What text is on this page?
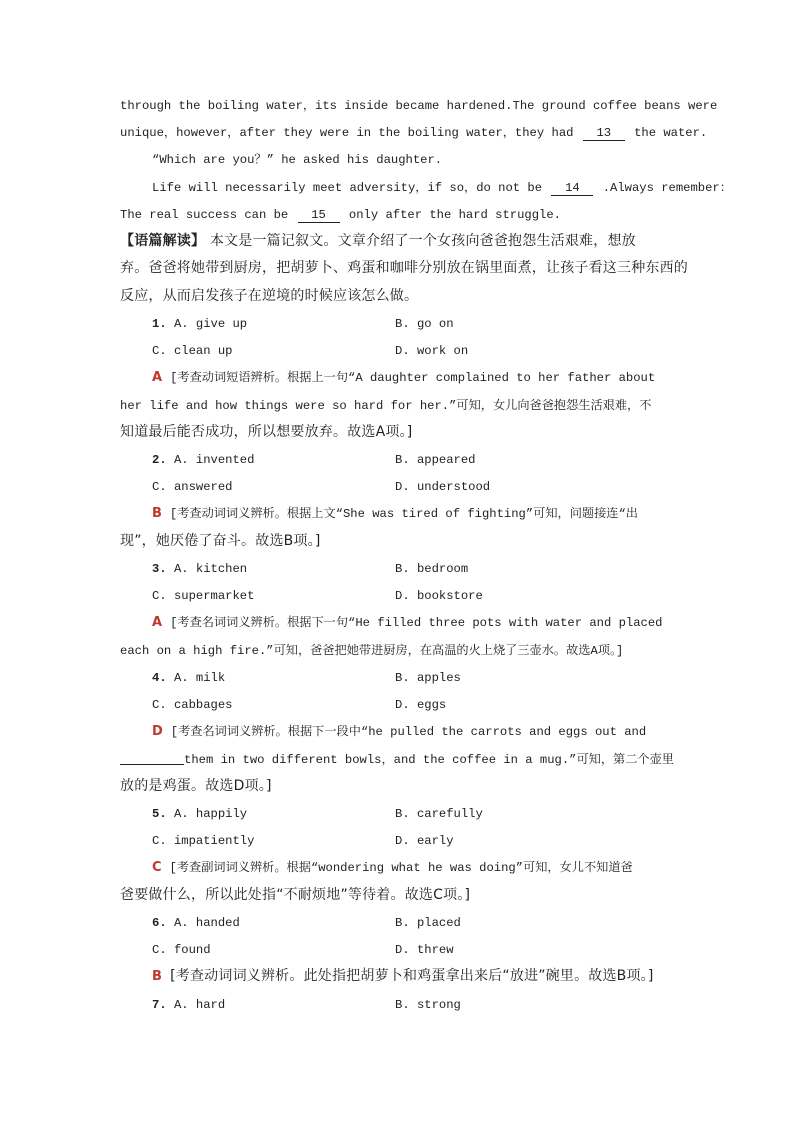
through the boiling water，its inside became hardened.The ground coffee beans were
unique，however，after they were in the boiling water，they had 13 the water.
“Which are you？” he asked his daughter.
Life will necessarily meet adversity，if so，do not be 14 .Always remember：
The real success can be 15 only after the hard struggle.
【语篇解读】 本文是一篇记叙文。文章介绍了一个女孩向爸爸抱怨生活艰难，想放
弃。爸爸将她带到厨房，把胡萝卜、鸡蛋和咖啡分别放在锅里面煮，让孩子看这三种东西的
反应，从而启发孩子在逆境的时候应该怎么做。
1. A. give up	B. go on
C. clean up	D. work on
A [考查动词短语辨析。根据上一句“A daughter complained to her father about
her life and how things were so hard for her.”可知，女儿向爸爸抱怨生活艰难，不
知道最后能否成功，所以想要放弃。故选A项。]
2. A. invented	B. appeared
C. answered	D. understood
B [考查动词词义辨析。根据上文“She was tired of fighting”可知，问题接连“出
现”，她厌倦了奋斗。故选B项。]
3. A. kitchen	B. bedroom
C. supermarket	D. bookstore
A [考查名词词义辨析。根据下一句“He filled three pots with water and placed
each on a high fire.”可知，爸爸把她带进厨房，在高温的火上烧了三壶水。故选A项。]
4. A. milk	B. apples
C. cabbages	D. eggs
D [考查名词词义辨析。根据下一段中“he pulled the carrots and eggs out and
them in two different bowls，and the coffee in a mug.”可知，第二个壶里
放的是鸡蛋。故选D项。]
5. A. happily	B. carefully
C. impatiently	D. early
C [考查副词词义辨析。根据“wondering what he was doing”可知，女儿不知道爸
爸要做什么，所以此处指“不耐烦地”等待着。故选C项。]
6. A. handed	B. placed
C. found	D. threw
B [考查动词词义辨析。此处指把胡萝卜和鸡蛋拿出来后“放进”碗里。故选B项。]
7. A. hard	B. strong
